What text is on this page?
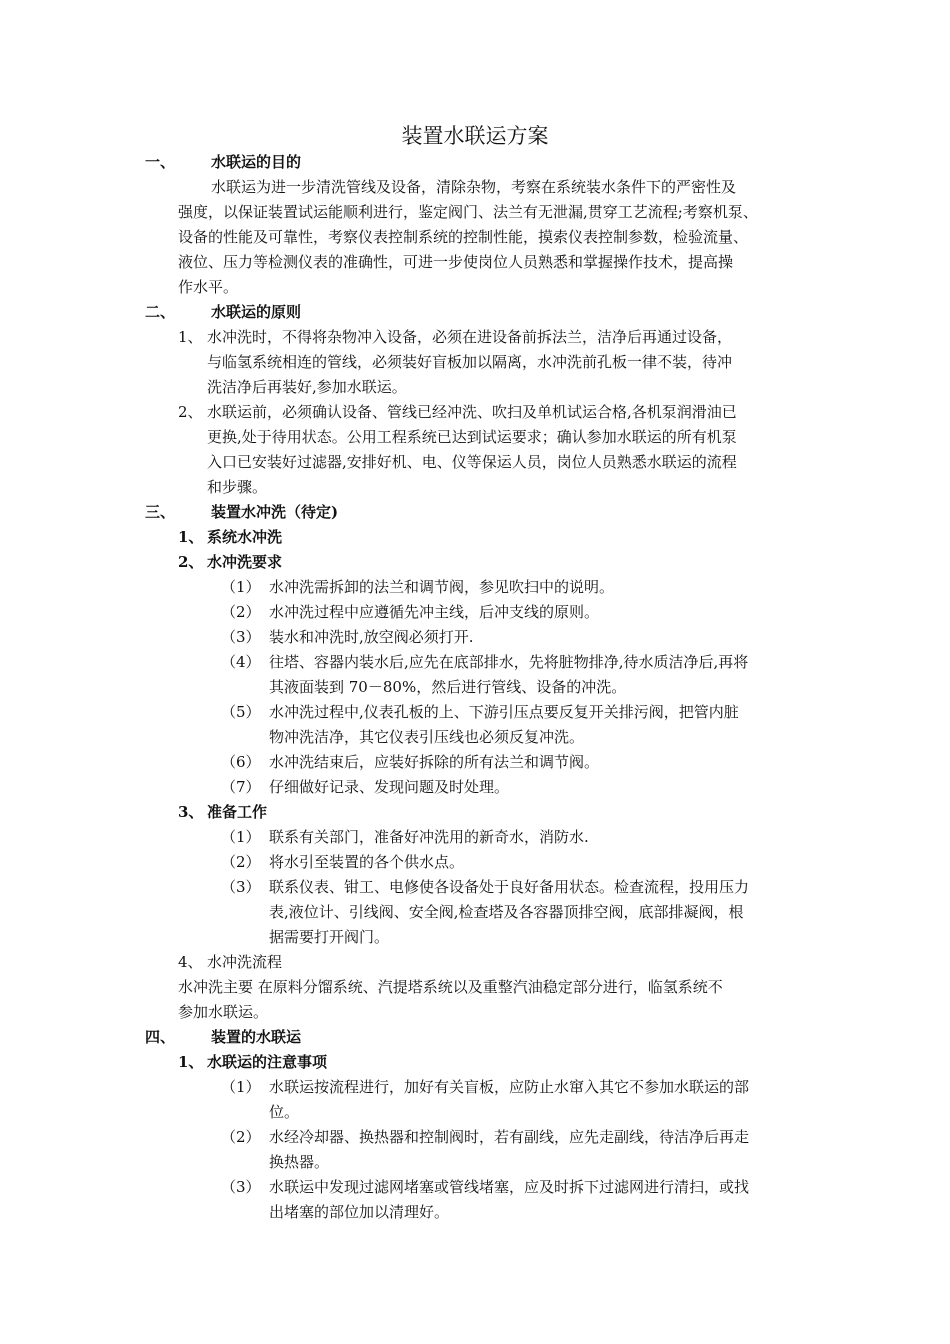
装置水联运方案
一、 水联运的目的
水联运为进一步清洗管线及设备，清除杂物，考察在系统装水条件下的严密性及
强度，以保证装置试运能顺利进行，鉴定阀门、法兰有无泄漏,贯穿工艺流程;考察机泵、
设备的性能及可靠性，考察仪表控制系统的控制性能，摸索仪表控制参数，检验流量、
液位、压力等检测仪表的准确性，可进一步使岗位人员熟悉和掌握操作技术，提高操
作水平。
二、 水联运的原则
1、 水冲洗时，不得将杂物冲入设备，必须在进设备前拆法兰，洁净后再通过设备，
与临氢系统相连的管线，必须装好盲板加以隔离，水冲洗前孔板一律不装，待冲
洗洁净后再装好,参加水联运。
2、 水联运前，必须确认设备、管线已经冲洗、吹扫及单机试运合格,各机泵润滑油已
更换,处于待用状态。公用工程系统已达到试运要求；确认参加水联运的所有机泵
入口已安装好过滤器,安排好机、电、仪等保运人员，岗位人员熟悉水联运的流程
和步骤。
三、 装置水冲洗（待定)
1、 系统水冲洗
2、 水冲洗要求
（1） 水冲洗需拆卸的法兰和调节阀，参见吹扫中的说明。
（2） 水冲洗过程中应遵循先冲主线，后冲支线的原则。
（3） 装水和冲洗时,放空阀必须打开.
（4） 往塔、容器内装水后,应先在底部排水，先将脏物排净,待水质洁净后,再将
其液面装到 70－80%，然后进行管线、设备的冲洗。
（5） 水冲洗过程中,仪表孔板的上、下游引压点要反复开关排污阀，把管内脏
物冲洗洁净，其它仪表引压线也必须反复冲洗。
（6） 水冲洗结束后，应装好拆除的所有法兰和调节阀。
（7） 仔细做好记录、发现问题及时处理。
3、 准备工作
（1） 联系有关部门，准备好冲洗用的新奇水，消防水.
（2） 将水引至装置的各个供水点。
（3） 联系仪表、钳工、电修使各设备处于良好备用状态。检查流程，投用压力
表,液位计、引线阀、安全阀,检查塔及各容器顶排空阀，底部排凝阀，根
据需要打开阀门。
4、 水冲洗流程
水冲洗主要 在原料分馏系统、汽提塔系统以及重整汽油稳定部分进行，临氢系统不
参加水联运。
四、 装置的水联运
1、 水联运的注意事项
（1） 水联运按流程进行，加好有关盲板，应防止水窜入其它不参加水联运的部
位。
（2） 水经冷却器、换热器和控制阀时，若有副线，应先走副线，待洁净后再走
换热器。
（3） 水联运中发现过滤网堵塞或管线堵塞，应及时拆下过滤网进行清扫，或找
出堵塞的部位加以清理好。
